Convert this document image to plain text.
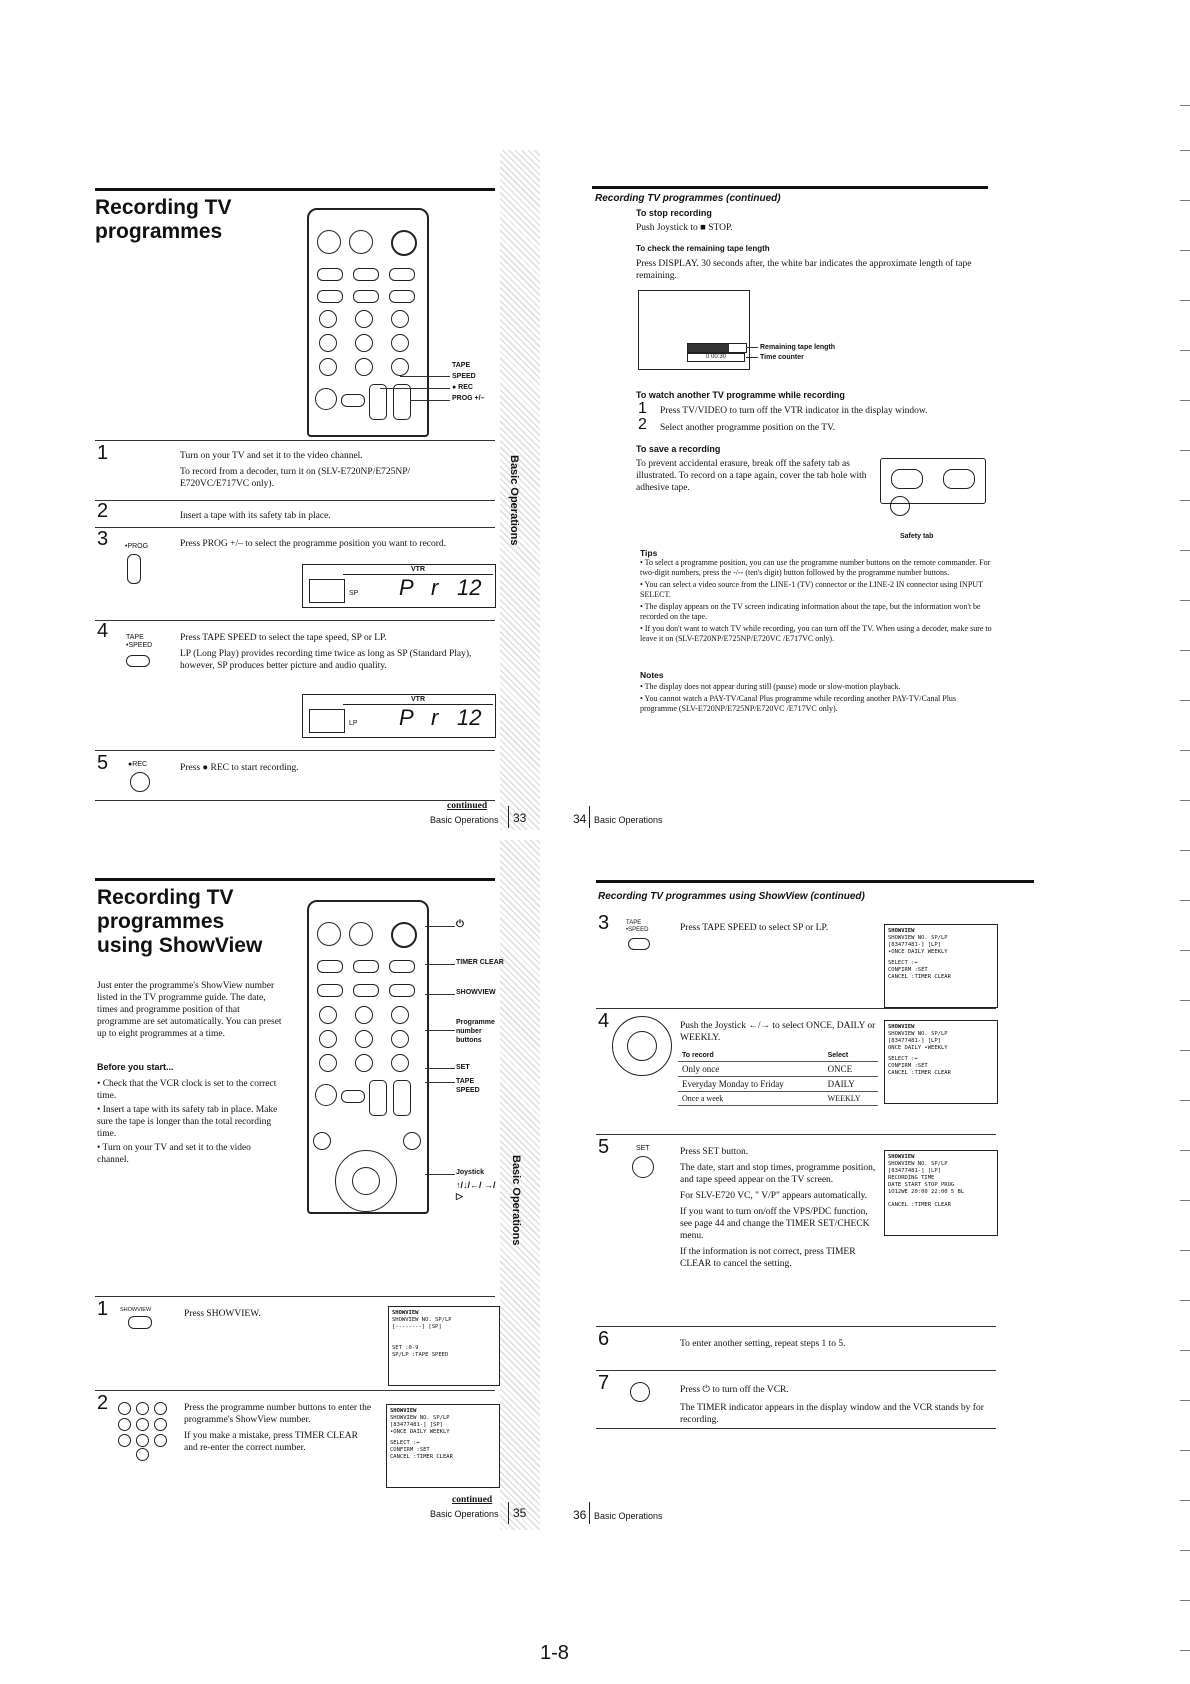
Recording TV
programmes
TAPE SPEED
● REC
PROG +/–
1	Turn on your TV and set it to the video channel.
To record from a decoder, turn it on (SLV-E720NP/E725NP/ E720VC/E717VC only).
2	Insert a tape with its safety tab in place.
3 •PROG	Press PROG +/– to select the programme position you want to record.
VTR
SP P r 12
4	TAPE •SPEED
Press TAPE SPEED to select the tape speed, SP or LP.
LP (Long Play) provides recording time twice as long as SP (Standard Play), however, SP produces better picture and audio quality.
VTR
LP P r 12
5	●REC	Press ● REC to start recording.
continued
Basic Operations 33
Basic Operations
Recording TV programmes (continued)
To stop recording
Push Joystick to ■ STOP.
To check the remaining tape length
Press DISPLAY. 30 seconds after, the white bar indicates the approximate length of tape remaining.
0 00:30
Remaining tape length
Time counter
To watch another TV programme while recording
1 Press TV/VIDEO to turn off the VTR indicator in the display window.
2 Select another programme position on the TV.
To save a recording
To prevent accidental erasure, break off the safety tab as illustrated. To record on a tape again, cover the tab hole with adhesive tape.
Safety tab
Tips
• To select a programme position, you can use the programme number buttons on the remote commander. For two-digit numbers, press the -/-- (ten's digit) button followed by the programme number buttons.
• You can select a video source from the LINE-1 (TV) connector or the LINE-2 IN connector using INPUT SELECT.
• The display appears on the TV screen indicating information about the tape, but the information won't be recorded on the tape.
• If you don't want to watch TV while recording, you can turn off the TV. When using a decoder, make sure to leave it on (SLV-E720NP/E725NP/E720VC /E717VC only).
Notes
• The display does not appear during still (pause) mode or slow-motion playback.
• You cannot watch a PAY-TV/Canal Plus programme while recording another PAY-TV/Canal Plus programme (SLV-E720NP/E725NP/E720VC /E717VC only).
34 Basic Operations
Recording TV
programmes
using ShowView
Just enter the programme's ShowView number listed in the TV programme guide. The date, times and programme position of that programme are set automatically. You can preset up to eight programmes at a time.
Before you start...
• Check that the VCR clock is set to the correct time.
• Insert a tape with its safety tab in place. Make sure the tape is longer than the total recording time.
• Turn on your TV and set it to the video channel.
⏻
TIMER CLEAR
SHOWVIEW
Programme number buttons
SET
TAPE SPEED
Joystick
↑/↓/←/ →/▷
1 SHOWVIEW	Press SHOWVIEW.	SHOWVIEW
SHOWVIEW NO. SP/LP
[--------] [SP]
SET :0-9
SP/LP :TAPE SPEED
2	Press the programme number buttons to enter the programme's ShowView number.
If you make a mistake, press TIMER CLEAR and re-enter the correct number.
SHOWVIEW
SHOWVIEW NO. SP/LP
[83477481-] [SP]
•ONCE DAILY WEEKLY
SELECT :↔
CONFIRM :SET
CANCEL :TIMER CLEAR
continued
Basic Operations 35
Basic Operations
Recording TV programmes using ShowView (continued)
3	TAPE •SPEED	Press TAPE SPEED to select SP or LP.	SHOWVIEW
SHOWVIEW NO. SP/LP
[83477481-] [LP]
•ONCE DAILY WEEKLY
SELECT :↔
CONFIRM :SET
CANCEL :TIMER CLEAR
4	Push the Joystick ←/→ to select ONCE, DAILY or WEEKLY.
To record	Select
Only once	ONCE
Everyday Monday to Friday	DAILY
Once a week	WEEKLY
SHOWVIEW
SHOWVIEW NO. SP/LP
[83477481-] [LP]
ONCE DAILY •WEEKLY
SELECT :↔
CONFIRM :SET
CANCEL :TIMER CLEAR
5	SET	Press SET button.
The date, start and stop times, programme position, and tape speed appear on the TV screen.
For SLV-E720 VC, " V/P" appears automatically.
If you want to turn on/off the VPS/PDC function, see page 44 and change the TIMER SET/CHECK menu.
If the information is not correct, press TIMER CLEAR to cancel the setting.
SHOWVIEW
SHOWVIEW NO. SP/LP
[83477481-] [LP]
RECORDING TIME
DATE START STOP PROG
1O12WE 20:00 22:00 5 BL
CANCEL :TIMER CLEAR
6	To enter another setting, repeat steps 1 to 5.
7	Press ⏻ to turn off the VCR.
The TIMER indicator appears in the display window and the VCR stands by for recording.
36 Basic Operations
1-8
